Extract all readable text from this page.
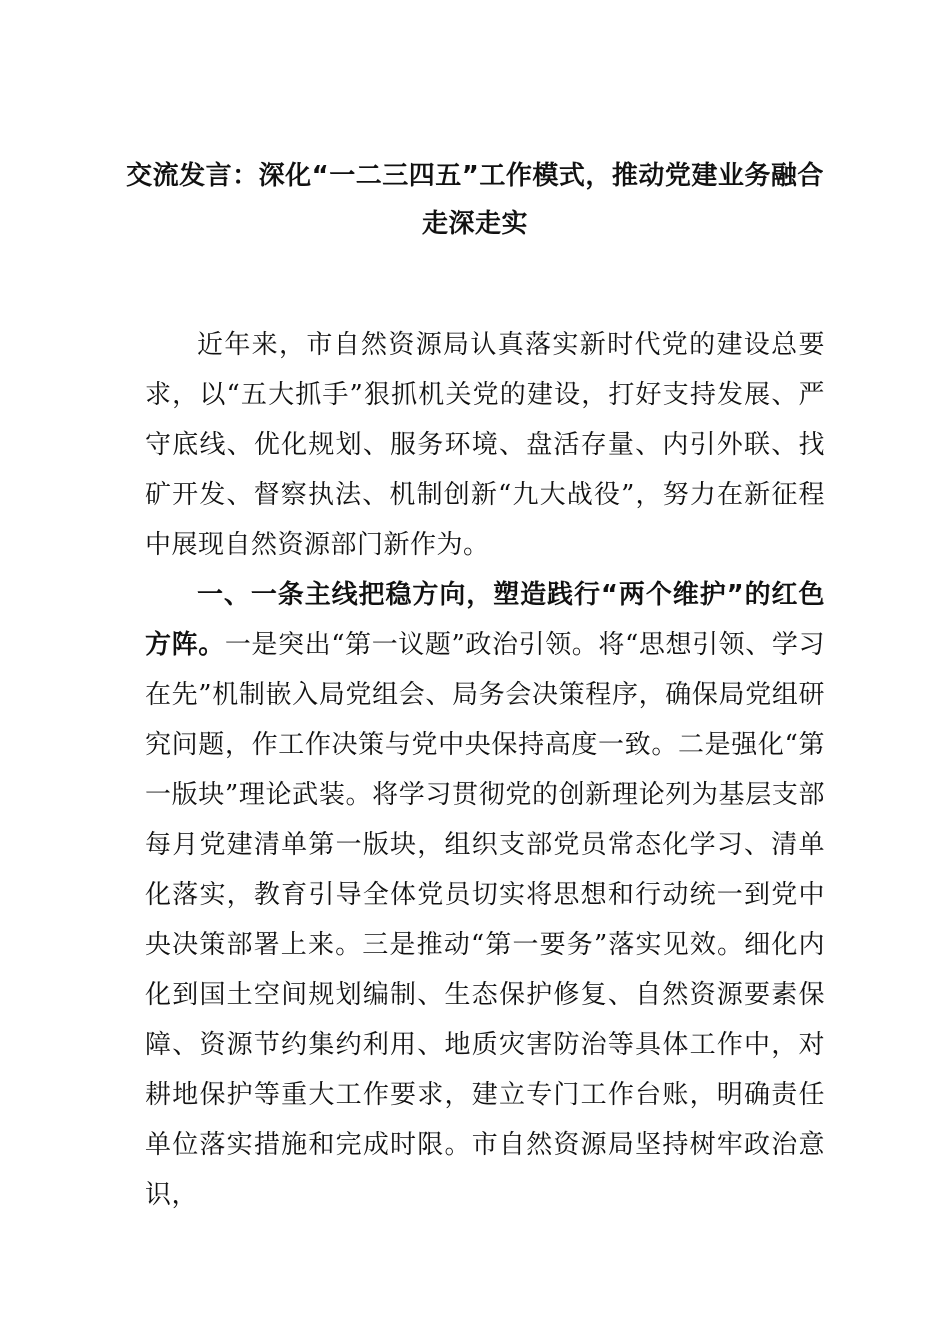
交流发言：深化“一二三四五”工作模式，推动党建业务融合
走深走实

近年来，市自然资源局认真落实新时代党的建设总要求，以“五大抓手”狠抓机关党的建设，打好支持发展、严守底线、优化规划、服务环境、盘活存量、内引外联、找矿开发、督察执法、机制创新“九大战役”，努力在新征程中展现自然资源部门新作为。

一、一条主线把稳方向，塑造践行“两个维护”的红色方阵。一是突出“第一议题”政治引领。将“思想引领、学习在先”机制嵌入局党组会、局务会决策程序，确保局党组研究问题，作工作决策与党中央保持高度一致。二是强化“第一版块”理论武装。将学习贯彻党的创新理论列为基层支部每月党建清单第一版块，组织支部党员常态化学习、清单化落实，教育引导全体党员切实将思想和行动统一到党中央决策部署上来。三是推动“第一要务”落实见效。细化内化到国土空间规划编制、生态保护修复、自然资源要素保障、资源节约集约利用、地质灾害防治等具体工作中，对耕地保护等重大工作要求，建立专门工作台账，明确责任单位落实措施和完成时限。市自然资源局坚持树牢政治意识，
